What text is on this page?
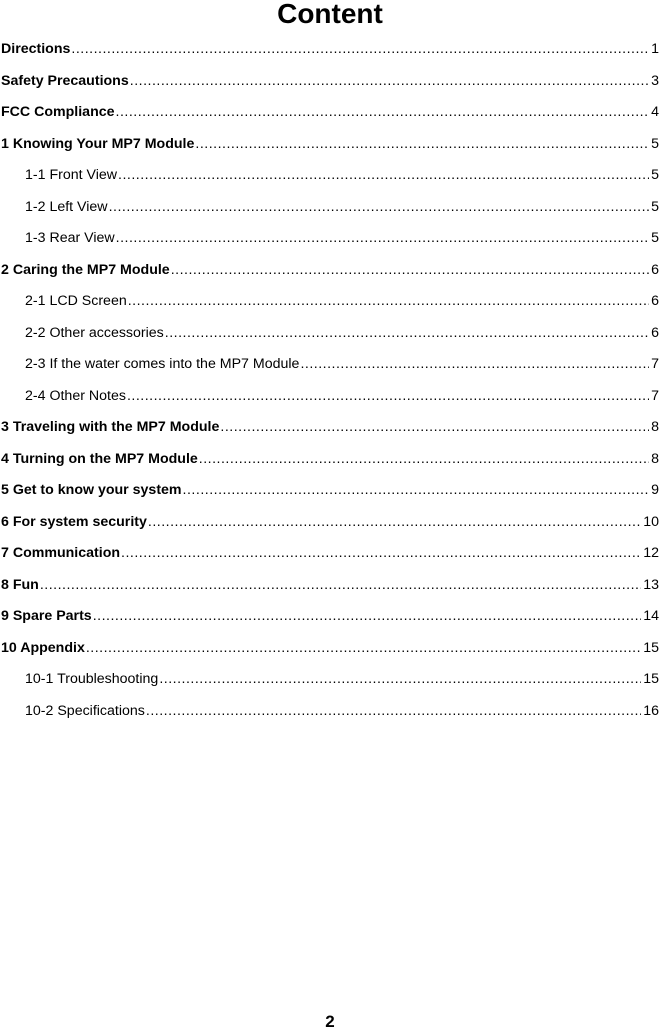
Content
Directions .....	1
Safety Precautions .....	3
FCC Compliance .....	4
1 Knowing Your MP7 Module .....	5
1-1 Front View .....	5
1-2 Left View .....	5
1-3 Rear View .....	5
2 Caring the MP7 Module .....	6
2-1 LCD Screen .....	6
2-2 Other accessories .....	6
2-3 If the water comes into the MP7 Module .....	7
2-4 Other Notes .....	7
3 Traveling with the MP7 Module .....	8
4 Turning on the MP7 Module .....	8
5 Get to know your system .....	9
6 For system security .....	10
7 Communication .....	12
8 Fun .....	13
9 Spare Parts .....	14
10 Appendix .....	15
10-1 Troubleshooting .....	15
10-2 Specifications .....	16
2
